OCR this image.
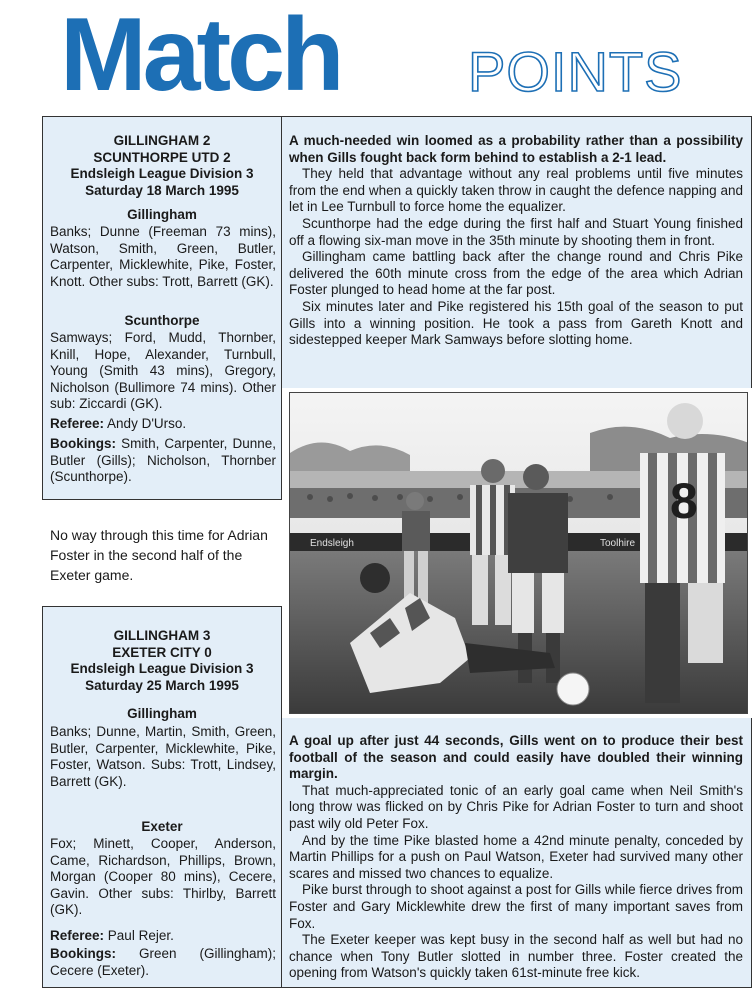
Match POINTS
GILLINGHAM 2
SCUNTHORPE UTD 2
Endsleigh League Division 3
Saturday 18 March 1995
Gillingham

Banks; Dunne (Freeman 73 mins), Watson, Smith, Green, Butler, Carpenter, Micklewhite, Pike, Foster, Knott. Other subs: Trott, Barrett (GK).

Scunthorpe

Samways; Ford, Mudd, Thornber, Knill, Hope, Alexander, Turnbull, Young (Smith 43 mins), Gregory, Nicholson (Bullimore 74 mins). Other sub: Ziccardi (GK).

Referee: Andy D'Urso.

Bookings: Smith, Carpenter, Dunne, Butler (Gills); Nicholson, Thornber (Scunthorpe).

No way through this time for Adrian Foster in the second half of the Exeter game.

GILLINGHAM 3
EXETER CITY 0
Endsleigh League Division 3
Saturday 25 March 1995
Gillingham

Banks; Dunne, Martin, Smith, Green, Butler, Carpenter, Micklewhite, Pike, Foster, Watson. Subs: Trott, Lindsey, Barrett (GK).

Exeter

Fox; Minett, Cooper, Anderson, Came, Richardson, Phillips, Brown, Morgan (Cooper 80 mins), Cecere, Gavin. Other subs: Thirlby, Barrett (GK).

Referee: Paul Rejer.

Bookings: Green (Gillingham); Cecere (Exeter).

A much-needed win loomed as a probability rather than a possibility when Gills fought back form behind to establish a 2-1 lead.

They held that advantage without any real problems until five minutes from the end when a quickly taken throw in caught the defence napping and let in Lee Turnbull to force home the equalizer.

Scunthorpe had the edge during the first half and Stuart Young finished off a flowing six-man move in the 35th minute by shooting them in front.

Gillingham came battling back after the change round and Chris Pike delivered the 60th minute cross from the edge of the area which Adrian Foster plunged to head home at the far post.

Six minutes later and Pike registered his 15th goal of the season to put Gills into a winning position. He took a pass from Gareth Knott and sidestepped keeper Mark Samways before slotting home.

Endsleigh	Toolhire
8

A goal up after just 44 seconds, Gills went on to produce their best football of the season and could easily have doubled their winning margin.

That much-appreciated tonic of an early goal came when Neil Smith's long throw was flicked on by Chris Pike for Adrian Foster to turn and shoot past wily old Peter Fox.

And by the time Pike blasted home a 42nd minute penalty, conceded by Martin Phillips for a push on Paul Watson, Exeter had survived many other scares and missed two chances to equalize.

Pike burst through to shoot against a post for Gills while fierce drives from Foster and Gary Micklewhite drew the first of many important saves from Fox.

The Exeter keeper was kept busy in the second half as well but had no chance when Tony Butler slotted in number three. Foster created the opening from Watson's quickly taken 61st-minute free kick.
